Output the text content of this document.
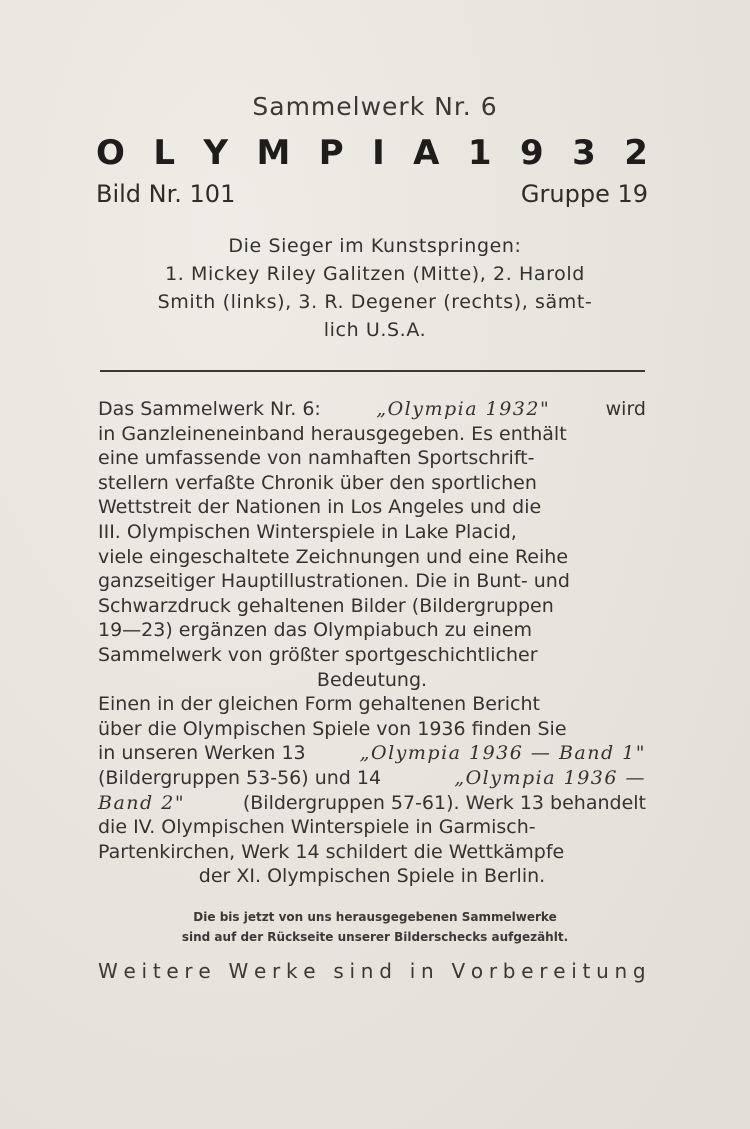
Sammelwerk Nr. 6
O L Y M P I A 1 9 3 2
Bild Nr. 101	Gruppe 19
Die Sieger im Kunstspringen:
1. Mickey Riley Galitzen (Mitte), 2. Harold
Smith (links), 3. R. Degener (rechts), sämt-
lich U.S.A.
Das Sammelwerk Nr. 6:	„Olympia 1932"	wird
in Ganzleineneinband herausgegeben. Es enthält
eine umfassende von namhaften Sportschrift-
stellern verfaßte Chronik über den sportlichen
Wettstreit der Nationen in Los Angeles und die
III. Olympischen Winterspiele in Lake Placid,
viele eingeschaltete Zeichnungen und eine Reihe
ganzseitiger Hauptillustrationen. Die in Bunt- und
Schwarzdruck gehaltenen Bilder (Bildergruppen
19—23) ergänzen das Olympiabuch zu einem
Sammelwerk von größter sportgeschichtlicher
Bedeutung.
Einen in der gleichen Form gehaltenen Bericht
über die Olympischen Spiele von 1936 finden Sie
in unseren Werken 13	„Olympia 1936 — Band 1"
(Bildergruppen 53-56) und 14	„Olympia 1936 —
Band 2"	(Bildergruppen 57-61). Werk 13 behandelt
die IV. Olympischen Winterspiele in Garmisch-
Partenkirchen, Werk 14 schildert die Wettkämpfe
der XI. Olympischen Spiele in Berlin.
Die bis jetzt von uns herausgegebenen Sammelwerke
sind auf der Rückseite unserer Bilderschecks aufgezählt.
W e i t e r e
W e r k e
s i n d
i n
V o r b e r e i t u n g
